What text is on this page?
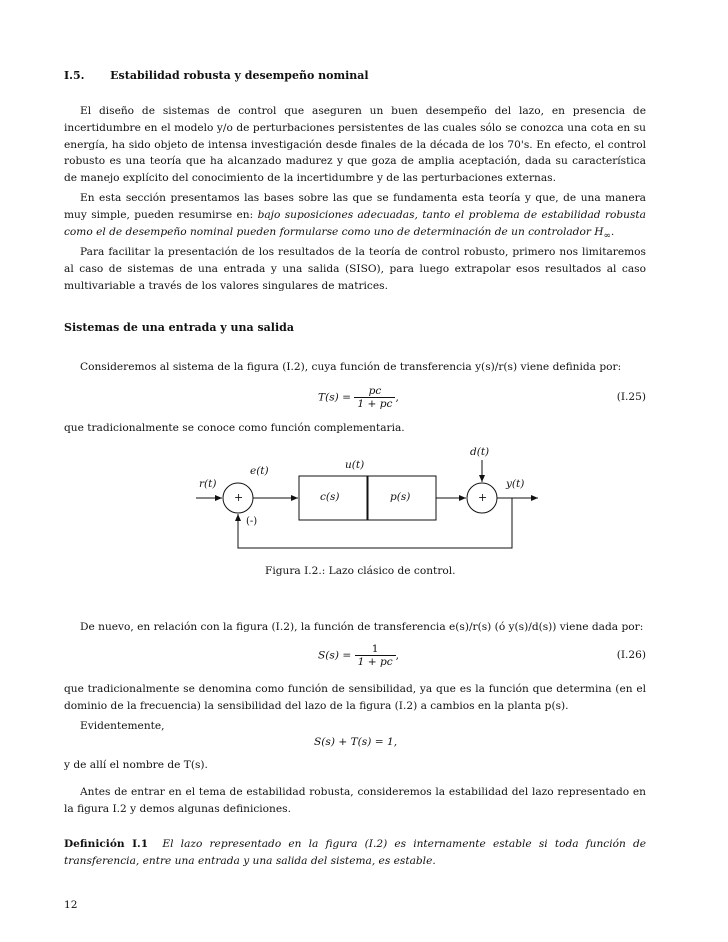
I.5. Estabilidad robusta y desempeño nominal

El diseño de sistemas de control que aseguren un buen desempeño del lazo, en presencia de incertidumbre en el modelo y/o de perturbaciones persistentes de las cuales sólo se conozca una cota en su energía, ha sido objeto de intensa investigación desde finales de la década de los 70's. En efecto, el control robusto es una teoría que ha alcanzado madurez y que goza de amplia aceptación, dada su característica de manejo explícito del conocimiento de la incertidumbre y de las perturbaciones externas.

En esta sección presentamos las bases sobre las que se fundamenta esta teoría y que, de una manera muy simple, pueden resumirse en: bajo suposiciones adecuadas, tanto el problema de estabilidad robusta como el de desempeño nominal pueden formularse como uno de determinación de un controlador $H_\infty$.

Para facilitar la presentación de los resultados de la teoría de control robusto, primero nos limitaremos al caso de sistemas de una entrada y una salida (SISO), para luego extrapolar esos resultados al caso multivariable a través de los valores singulares de matrices.

Sistemas de una entrada y una salida

Consideremos al sistema de la figura (I.2), cuya función de transferencia y(s)/r(s) viene definida por:

$T(s) = \frac{pc}{1 + pc}$ ,	(I.25)

que tradicionalmente se conoce como función complementaria.

r(t)
e(t)	u(t)
d(t)
y(t)
c(s)	p(s)
+	+
(-)
Figura I.2.: Lazo clásico de control.

De nuevo, en relación con la figura (I.2), la función de transferencia e(s)/r(s) (ó y(s)/d(s)) viene dada por:

$S(s) = \frac{1}{1 + pc}$ ,	(I.26)

que tradicionalmente se denomina como función de sensibilidad, ya que es la función que determina (en el dominio de la frecuencia) la sensibilidad del lazo de la figura (I.2) a cambios en la planta p(s).

Evidentemente,

S(s) + T(s) = 1,

y de allí el nombre de T(s).

Antes de entrar en el tema de estabilidad robusta, consideremos la estabilidad del lazo representado en la figura I.2 y demos algunas definiciones.

Definición I.1 El lazo representado en la figura (I.2) es internamente estable si toda función de transferencia, entre una entrada y una salida del sistema, es estable.

12
